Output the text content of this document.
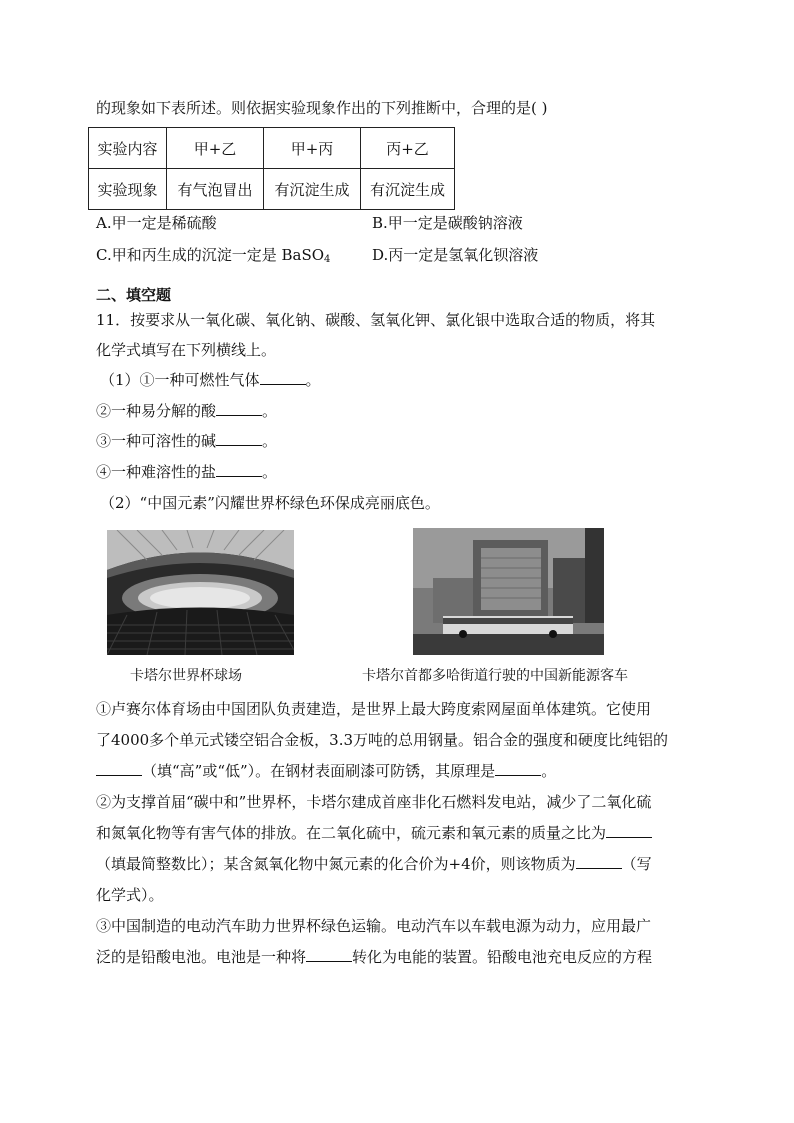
的现象如下表所述。则依据实验现象作出的下列推断中，合理的是( )
实验内容	甲+乙	甲+丙	丙+乙
实验现象	有气泡冒出	有沉淀生成	有沉淀生成
A.甲一定是稀硫酸	B.甲一定是碳酸钠溶液
C.甲和丙生成的沉淀一定是 BaSO$_4$	D.丙一定是氢氧化钡溶液
二、填空题
11．按要求从一氧化碳、氧化钠、碳酸、氢氧化钾、氯化银中选取合适的物质，将其
化学式填写在下列横线上。
（1）①一种可燃性气体	。
②一种易分解的酸	。
③一种可溶性的碱	。
④一种难溶性的盐	。
（2）“中国元素”闪耀世界杯绿色环保成亮丽底色。
卡塔尔世界杯球场	卡塔尔首都多哈街道行驶的中国新能源客车
①卢赛尔体育场由中国团队负责建造，是世界上最大跨度索网屋面单体建筑。它使用
了4000多个单元式镂空铝合金板，3.3万吨的总用钢量。铝合金的强度和硬度比纯铝的
（填“高”或“低”）。在钢材表面刷漆可防锈，其原理是	。
②为支撑首届“碳中和”世界杯，卡塔尔建成首座非化石燃料发电站，减少了二氧化硫
和氮氧化物等有害气体的排放。在二氧化硫中，硫元素和氧元素的质量之比为
（填最简整数比）；某含氮氧化物中氮元素的化合价为+4价，则该物质为	（写
化学式）。
③中国制造的电动汽车助力世界杯绿色运输。电动汽车以车载电源为动力，应用最广
泛的是铅酸电池。电池是一种将	转化为电能的装置。铅酸电池充电反应的方程
